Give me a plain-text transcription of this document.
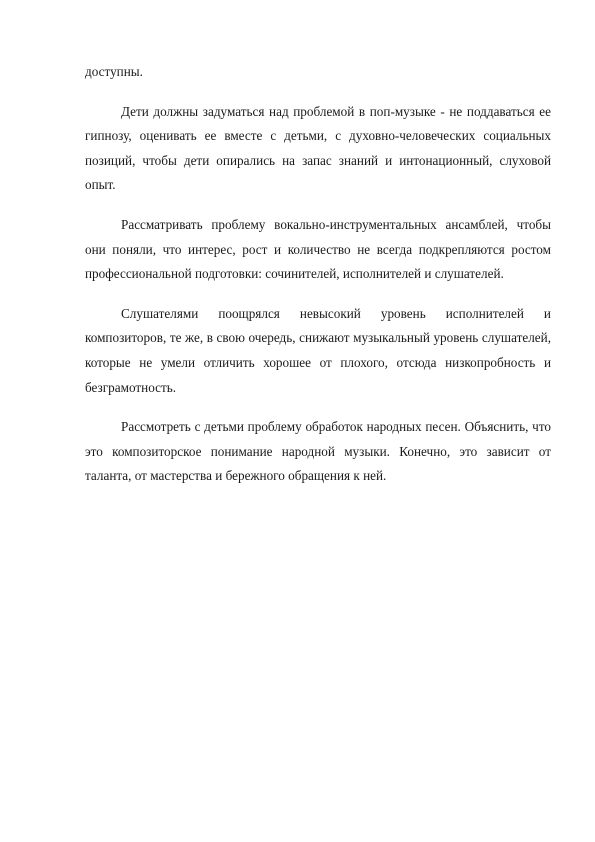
доступны.

Дети должны задуматься над проблемой в поп-музыке - не поддаваться ее гипнозу, оценивать ее вместе с детьми, с духовно-человеческих социальных позиций, чтобы дети опирались на запас знаний и интонационный, слуховой опыт.

Рассматривать проблему вокально-инструментальных ансамблей, чтобы они поняли, что интерес, рост и количество не всегда подкрепляются ростом профессиональной подготовки: сочинителей, исполнителей и слушателей.

Слушателями поощрялся невысокий уровень исполнителей и композиторов, те же, в свою очередь, снижают музыкальный уровень слушателей, которые не умели отличить хорошее от плохого, отсюда низкопробность и безграмотность.

Рассмотреть с детьми проблему обработок народных песен. Объяснить, что это композиторское понимание народной музыки. Конечно, это зависит от таланта, от мастерства и бережного обращения к ней.
